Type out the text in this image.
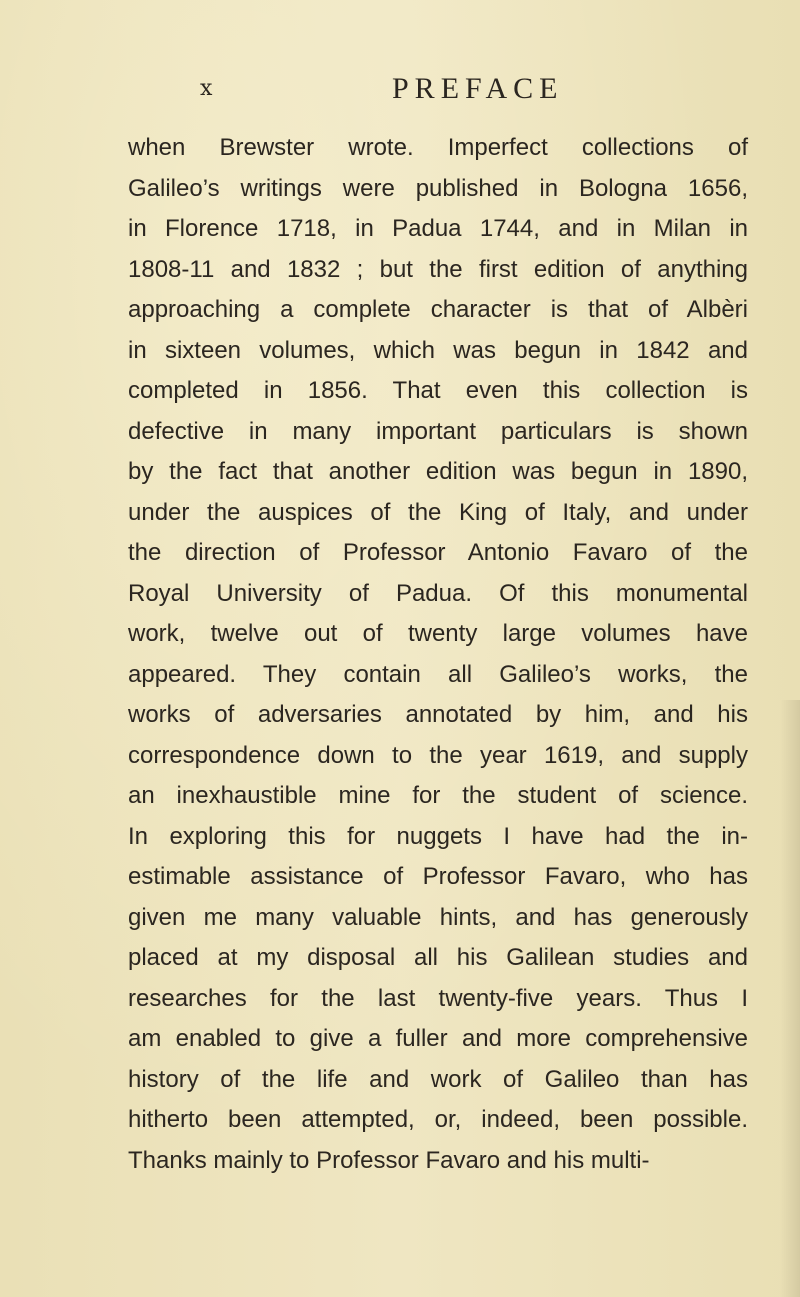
x	PREFACE
when Brewster wrote. Imperfect collections of
Galileo’s writings were published in Bologna 1656,
in Florence 1718, in Padua 1744, and in Milan in
1808-11 and 1832 ; but the first edition of anything
approaching a complete character is that of Albèri
in sixteen volumes, which was begun in 1842 and
completed in 1856. That even this collection is
defective in many important particulars is shown
by the fact that another edition was begun in 1890,
under the auspices of the King of Italy, and under
the direction of Professor Antonio Favaro of the
Royal University of Padua. Of this monumental
work, twelve out of twenty large volumes have
appeared. They contain all Galileo’s works, the
works of adversaries annotated by him, and his
correspondence down to the year 1619, and supply
an inexhaustible mine for the student of science.
In exploring this for nuggets I have had the in-
estimable assistance of Professor Favaro, who has
given me many valuable hints, and has generously
placed at my disposal all his Galilean studies and
researches for the last twenty-five years. Thus I
am enabled to give a fuller and more comprehensive
history of the life and work of Galileo than has
hitherto been attempted, or, indeed, been possible.
Thanks mainly to Professor Favaro and his multi-
